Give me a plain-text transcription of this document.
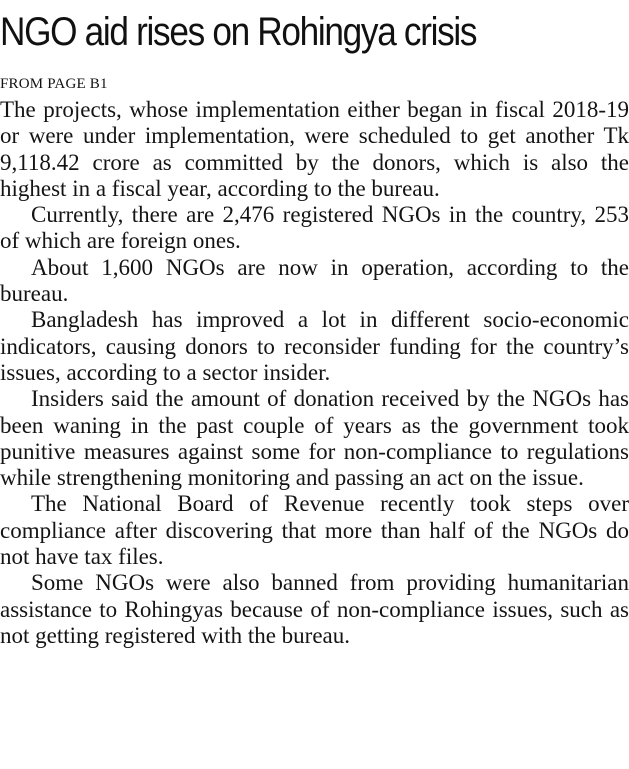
NGO aid rises on Rohingya crisis
FROM PAGE B1

The projects, whose implementation either began in fiscal 2018-19 or were under implementation, were scheduled to get another Tk 9,118.42 crore as committed by the donors, which is also the highest in a fiscal year, according to the bureau.

Currently, there are 2,476 registered NGOs in the country, 253 of which are foreign ones.

About 1,600 NGOs are now in operation, according to the bureau.

Bangladesh has improved a lot in different socio-economic indicators, causing donors to reconsider funding for the country’s issues, according to a sector insider.

Insiders said the amount of donation received by the NGOs has been waning in the past couple of years as the government took punitive measures against some for non-compliance to regulations while strengthening monitoring and passing an act on the issue.

The National Board of Revenue recently took steps over compliance after discovering that more than half of the NGOs do not have tax files.

Some NGOs were also banned from providing humanitarian assistance to Rohingyas because of non-compliance issues, such as not getting registered with the bureau.
